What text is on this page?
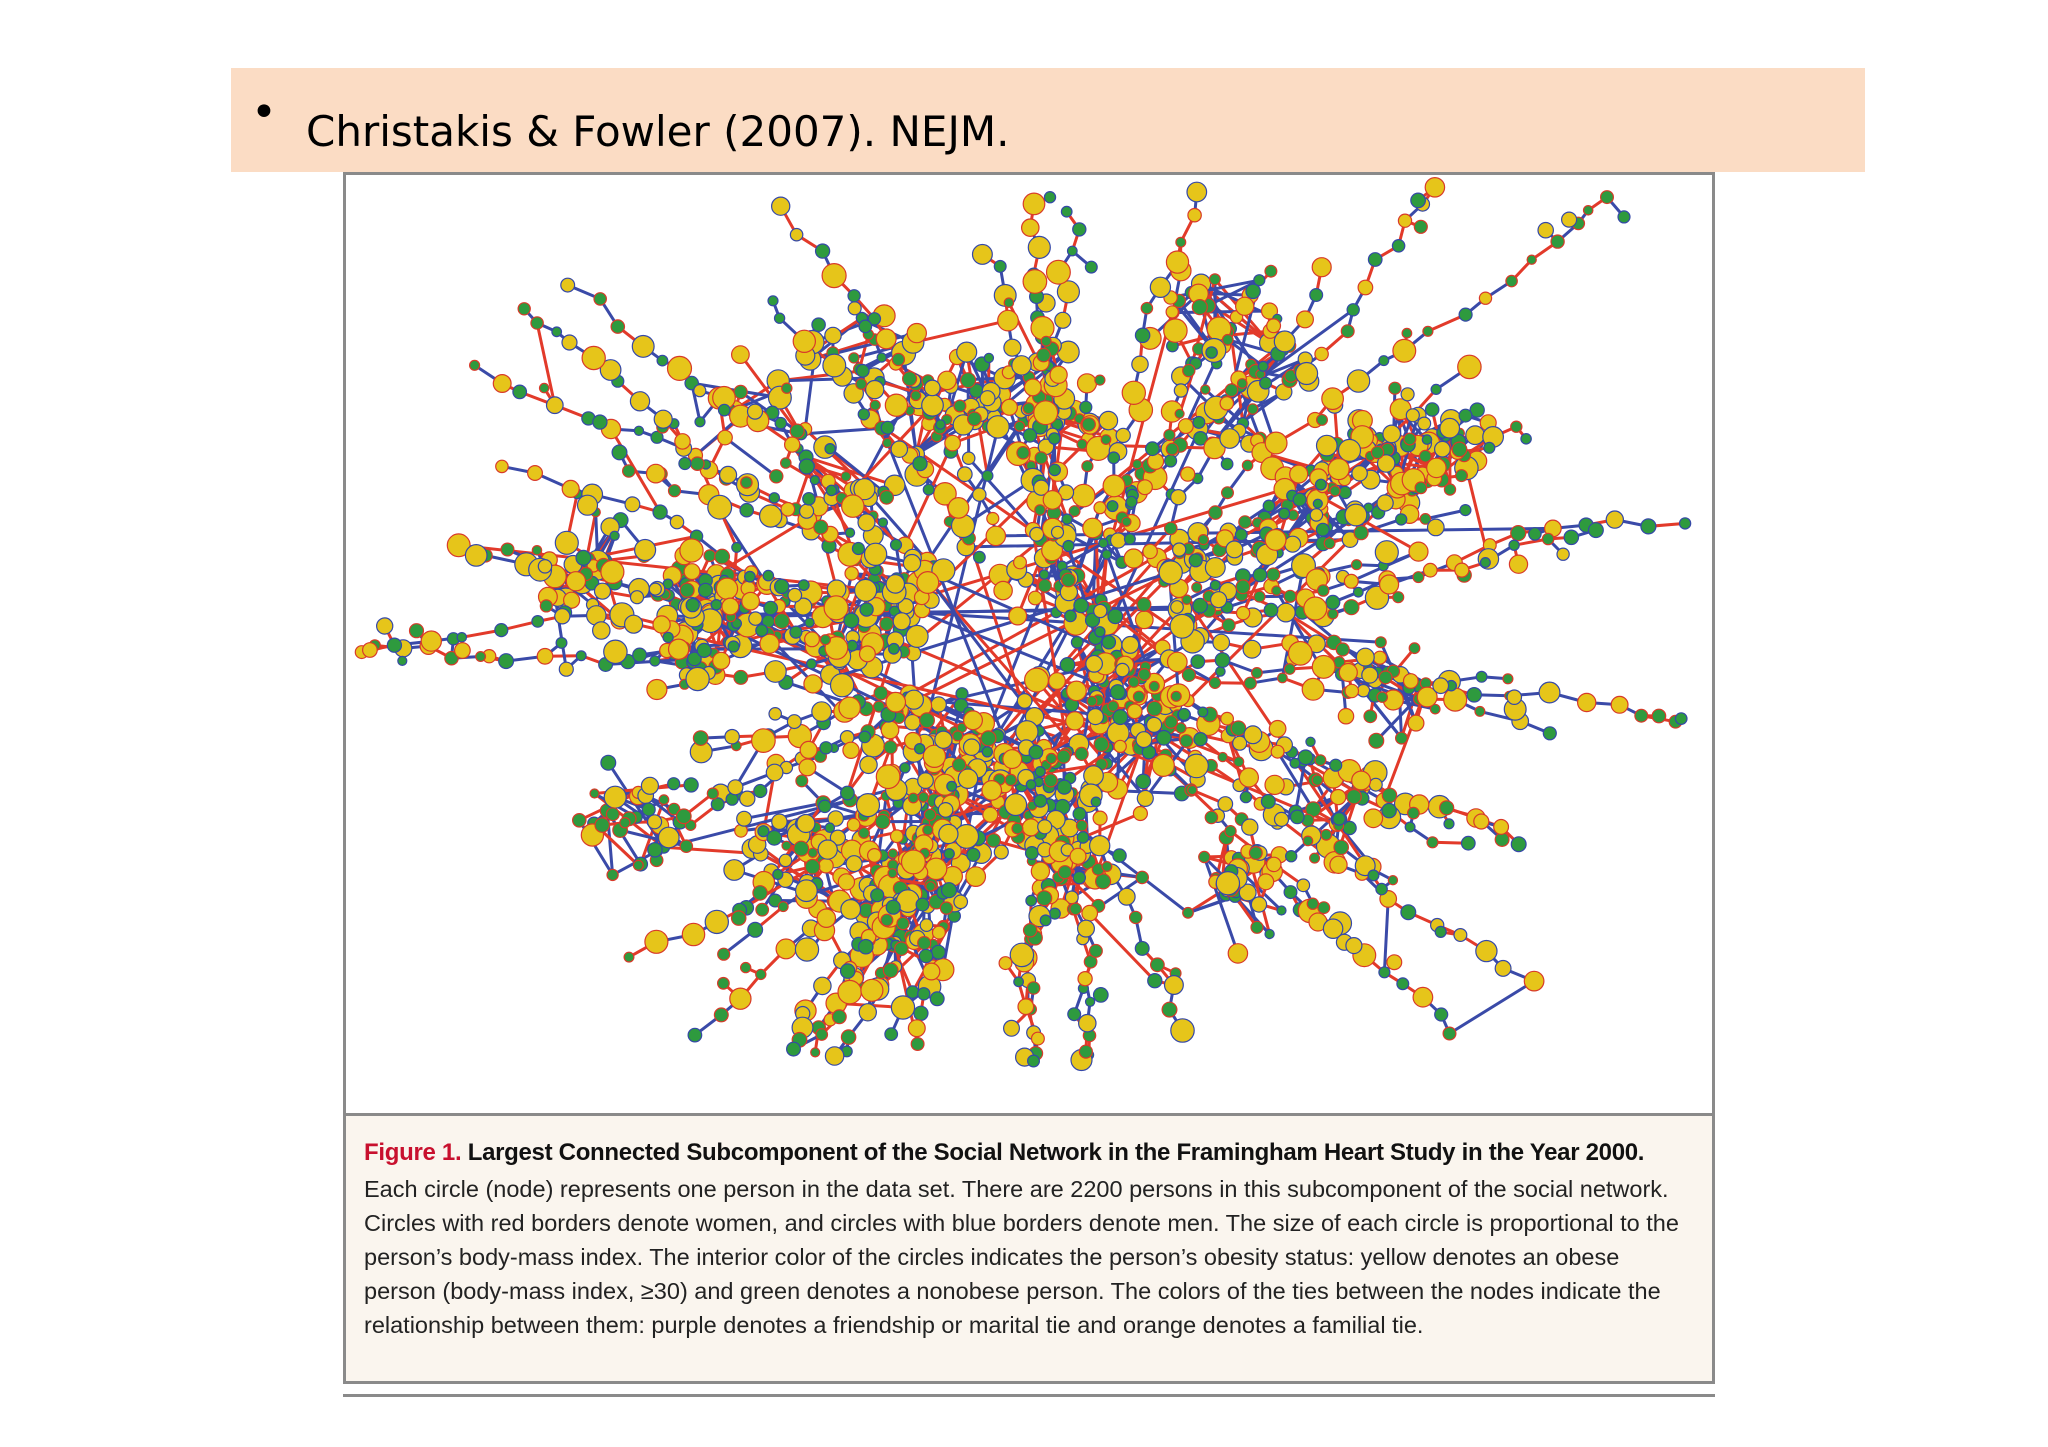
• Christakis & Fowler (2007). NEJM.
Figure 1. Largest Connected Subcomponent of the Social Network in the Framingham Heart Study in the Year 2000.
Each circle (node) represents one person in the data set. There are 2200 persons in this subcomponent of the social network. Circles with red borders denote women, and circles with blue borders denote men. The size of each circle is proportional to the person’s body-mass index. The interior color of the circles indicates the person’s obesity status: yellow denotes an obese person (body-mass index, ≥30) and green denotes a nonobese person. The colors of the ties between the nodes indicate the relationship between them: purple denotes a friendship or marital tie and orange denotes a familial tie.
